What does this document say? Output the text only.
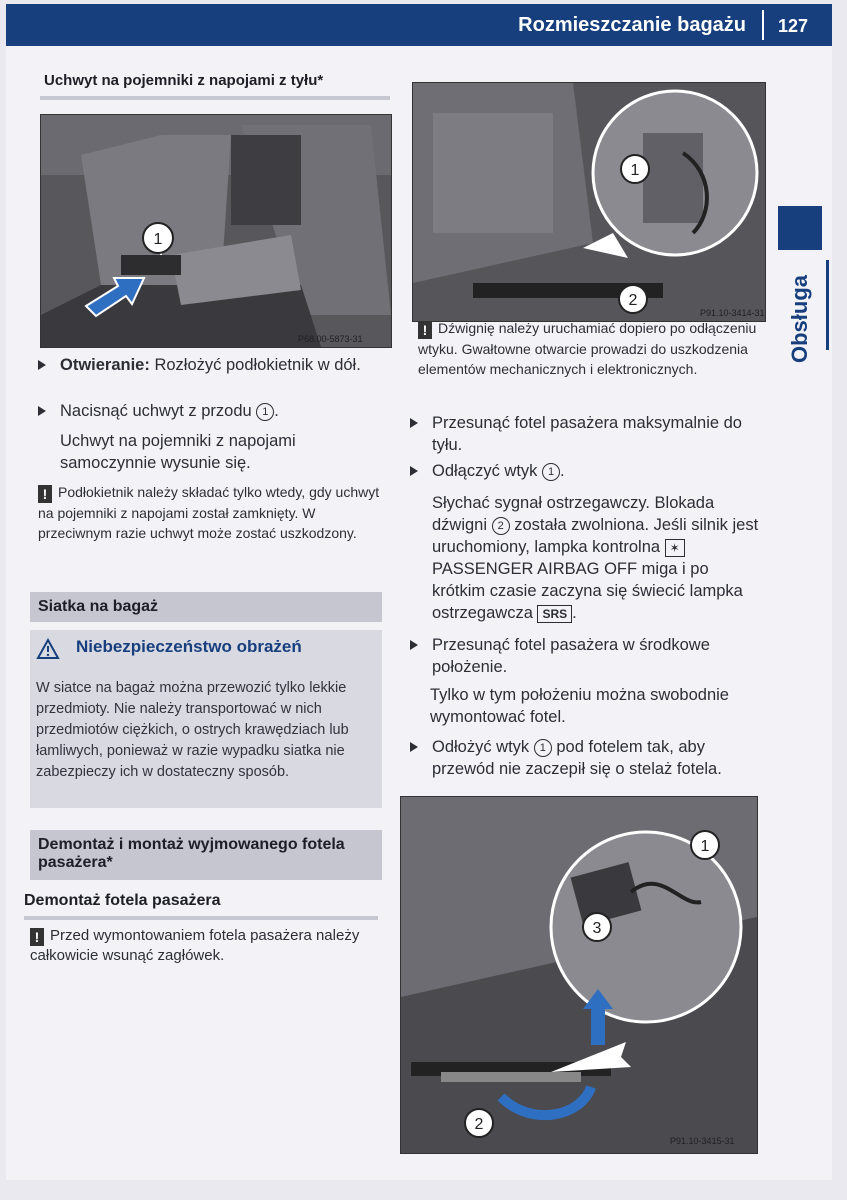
Rozmieszczanie bagażu 127
Obsługa
Uchwyt na pojemniki z napojami z tyłu*
1
P68.00-5873-31
Otwieranie: Rozłożyć podłokietnik w dół.
Nacisnąć uchwyt z przodu 1 .
Uchwyt na pojemniki z napojami samoczynnie wysunie się.
! Podłokietnik należy składać tylko wtedy, gdy uchwyt na pojemniki z napojami został zamknięty. W przeciwnym razie uchwyt może zostać uszkodzony.
Siatka na bagaż
Niebezpieczeństwo obrażeń
W siatce na bagaż można przewozić tylko lekkie przedmioty. Nie należy transportować w nich przedmiotów ciężkich, o ostrych krawędziach lub łamliwych, ponieważ w razie wypadku siatka nie zabezpieczy ich w dostateczny sposób.
Demontaż i montaż wyjmowanego fotela pasażera*
Demontaż fotela pasażera
! Przed wymontowaniem fotela pasażera należy całkowicie wsunąć zagłówek.
1
2
P91.10-3414-31
! Dźwignię należy uruchamiać dopiero po odłączeniu wtyku. Gwałtowne otwarcie prowadzi do uszkodzenia elementów mechanicznych i elektronicznych.
Przesunąć fotel pasażera maksymalnie do tyłu.
Odłączyć wtyk 1 .
Słychać sygnał ostrzegawczy. Blokada dźwigni 2 została zwolniona. Jeśli silnik jest uruchomiony, lampka kontrolna ✶ PASSENGER AIRBAG OFF miga i po krótkim czasie zaczyna się świecić lampka ostrzegawcza SRS .
Przesunąć fotel pasażera w środkowe położenie.
Tylko w tym położeniu można swobodnie wymontować fotel.
Odłożyć wtyk 1 pod fotelem tak, aby przewód nie zaczepił się o stelaż fotela.
1
3
2
P91.10-3415-31
